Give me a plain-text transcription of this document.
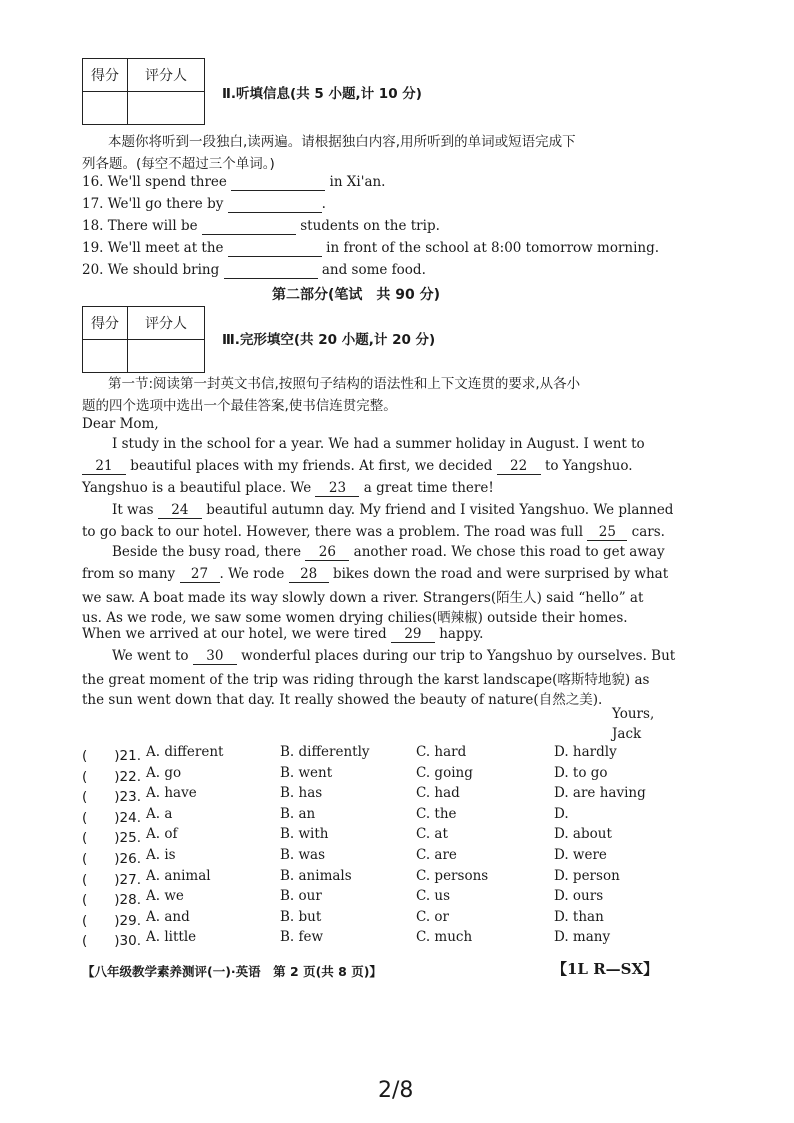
得分	评分人

Ⅱ.听填信息(共 5 小题,计 10 分)
本题你将听到一段独白,读两遍。请根据独白内容,用所听到的单词或短语完成下
列各题。(每空不超过三个单词。)
16. We'll spend three	in Xi'an.
17. We'll go there by	.
18. There will be	students on the trip.
19. We'll meet at the	in front of the school at 8:00 tomorrow morning.
20. We should bring	and some food.
第二部分(笔试　共 90 分)
得分	评分人

Ⅲ.完形填空(共 20 小题,计 20 分)
第一节:阅读第一封英文书信,按照句子结构的语法性和上下文连贯的要求,从各小
题的四个选项中选出一个最佳答案,使书信连贯完整。
Dear Mom,
I study in the school for a year. We had a summer holiday in August. I went to
21 beautiful places with my friends. At first, we decided 22 to Yangshuo.
Yangshuo is a beautiful place. We 23 a great time there!
It was 24 beautiful autumn day. My friend and I visited Yangshuo. We planned
to go back to our hotel. However, there was a problem. The road was full 25 cars.
Beside the busy road, there 26 another road. We chose this road to get away
from so many 27 . We rode 28 bikes down the road and were surprised by what
we saw. A boat made its way slowly down a river. Strangers(陌生人) said “hello” at
us. As we rode, we saw some women drying chilies(晒辣椒) outside their homes.
When we arrived at our hotel, we were tired 29 happy.
We went to 30 wonderful places during our trip to Yangshuo by ourselves. But
the great moment of the trip was riding through the karst landscape(喀斯特地貌) as
the sun went down that day. It really showed the beauty of nature(自然之美).
Yours,
Jack
(　　)21. A. different	B. differently	C. hard	D. hardly
(　　)22. A. go	B. went	C. going	D. to go
(　　)23. A. have	B. has	C. had	D. are having
(　　)24. A. a	B. an	C. the	D.
(　　)25. A. of	B. with	C. at	D. about
(　　)26. A. is	B. was	C. are	D. were
(　　)27. A. animal	B. animals	C. persons	D. person
(　　)28. A. we	B. our	C. us	D. ours
(　　)29. A. and	B. but	C. or	D. than
(　　)30. A. little	B. few	C. much	D. many
【八年级教学素养测评(一)·英语　第 2 页(共 8 页)】	【1L R—SX】
2/8
